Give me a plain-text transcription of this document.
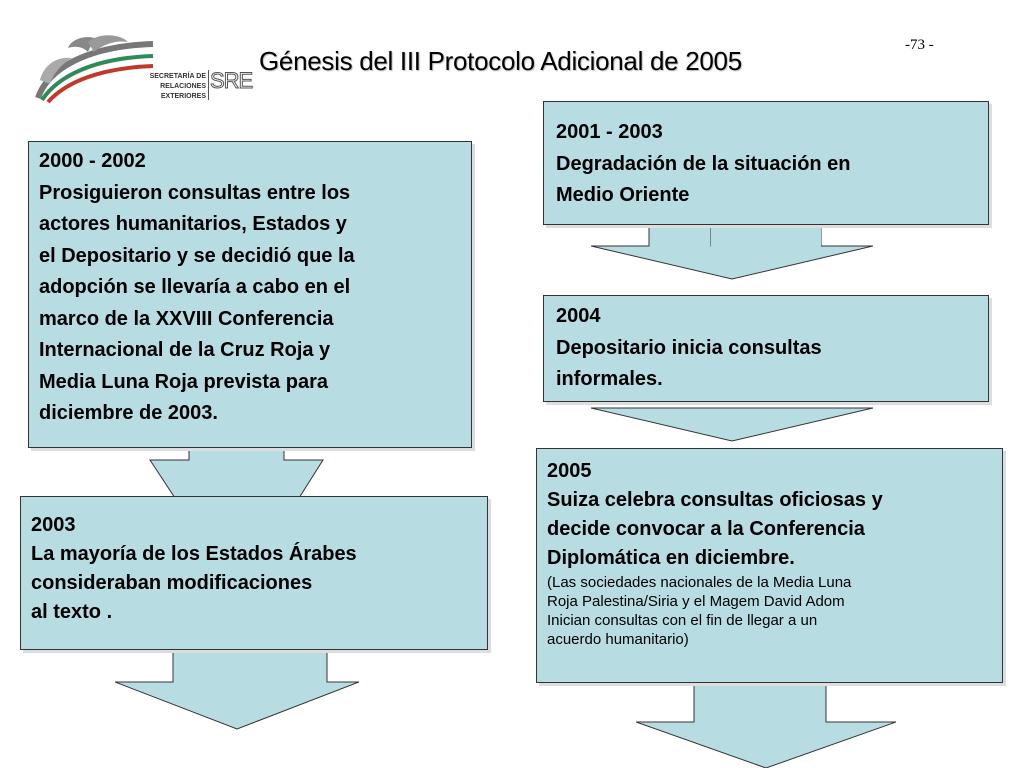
SECRETARÍA DE
RELACIONES
EXTERIORES
SRE
Génesis del III Protocolo Adicional de 2005
-73 -
2000 - 2002
Prosiguieron consultas entre los
actores humanitarios, Estados y
el Depositario y se decidió que la
adopción se llevaría a cabo en el
marco de la XXVIII Conferencia
Internacional de la Cruz Roja y
Media Luna Roja prevista para
diciembre de 2003.
2001 - 2003
Degradación de la situación en
Medio Oriente
2004
Depositario inicia consultas
informales.
2003
La mayoría de los Estados Árabes
consideraban modificaciones
al texto .
2005
Suiza celebra consultas oficiosas y
decide convocar a la Conferencia
Diplomática en diciembre.
(Las sociedades nacionales de la Media Luna
Roja Palestina/Siria y el Magem David Adom
Inician consultas con el fin de llegar a un
acuerdo humanitario)
